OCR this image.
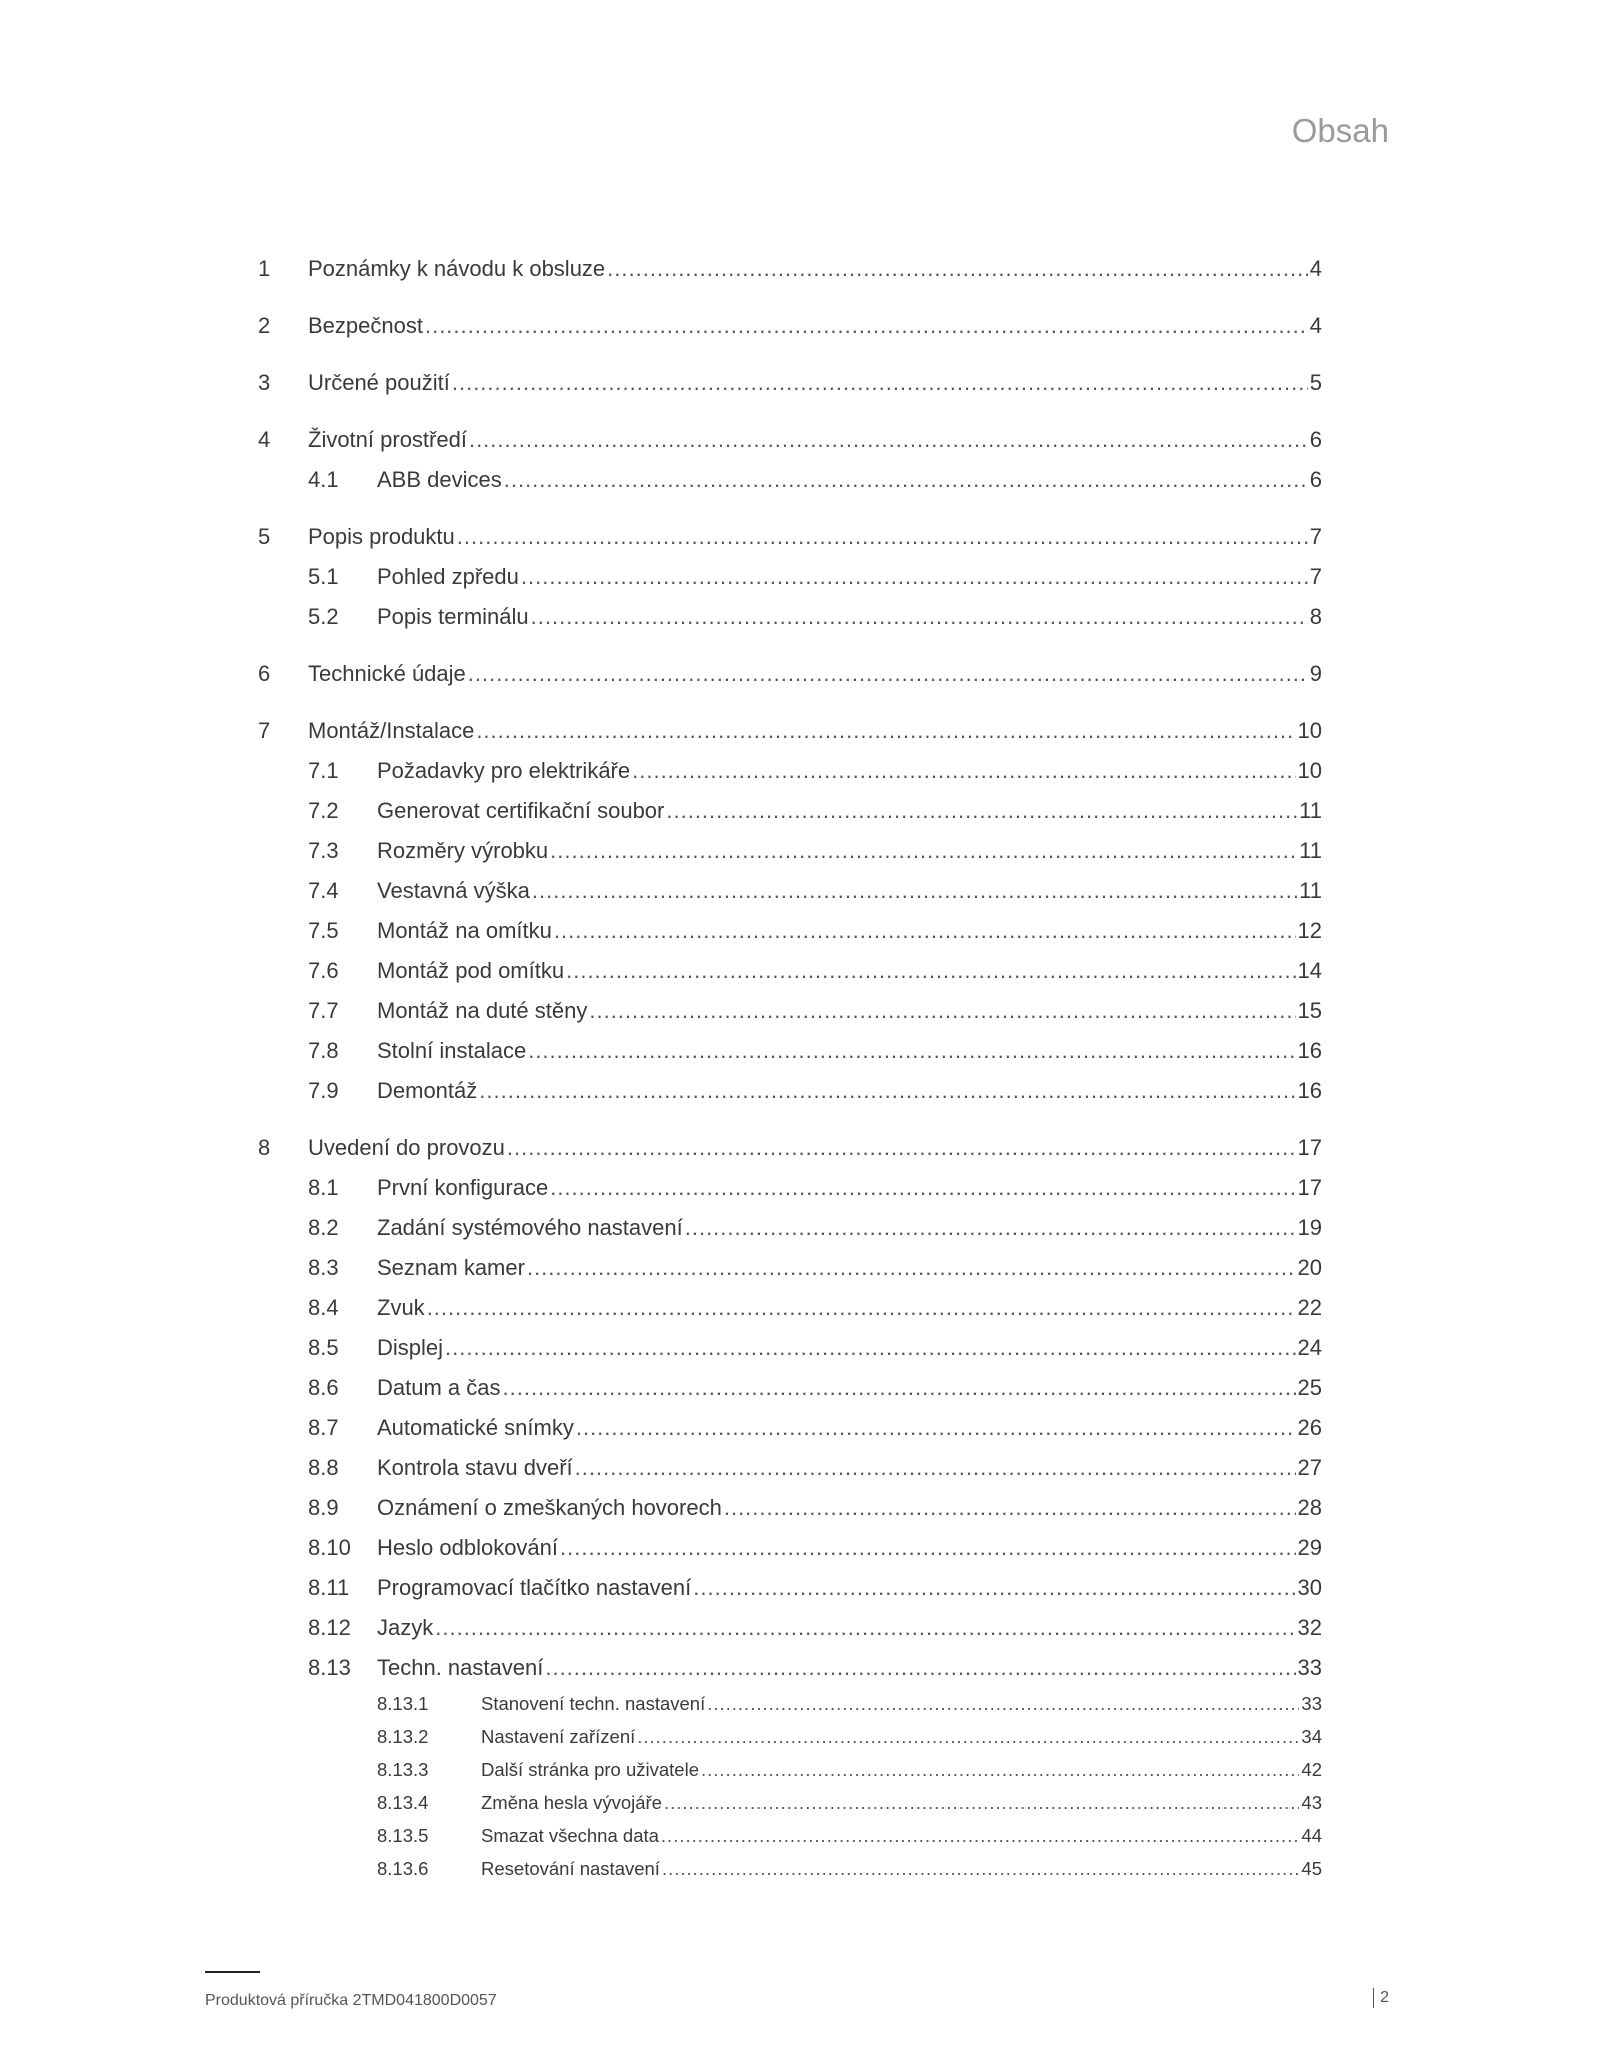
Obsah
1 Poznámky k návodu k obsluze .....	4
2 Bezpečnost .....	4
3 Určené použití .....	5
4 Životní prostředí .....	6
4.1 ABB devices .....	6
5 Popis produktu .....	7
5.1 Pohled zpředu .....	7
5.2 Popis terminálu .....	8
6 Technické údaje .....	9
7 Montáž/Instalace .....	10
7.1 Požadavky pro elektrikáře .....	10
7.2 Generovat certifikační soubor .....	11
7.3 Rozměry výrobku .....	11
7.4 Vestavná výška .....	11
7.5 Montáž na omítku .....	12
7.6 Montáž pod omítku .....	14
7.7 Montáž na duté stěny .....	15
7.8 Stolní instalace .....	16
7.9 Demontáž .....	16
8 Uvedení do provozu .....	17
8.1 První konfigurace .....	17
8.2 Zadání systémového nastavení .....	19
8.3 Seznam kamer .....	20
8.4 Zvuk .....	22
8.5 Displej .....	24
8.6 Datum a čas .....	25
8.7 Automatické snímky .....	26
8.8 Kontrola stavu dveří .....	27
8.9 Oznámení o zmeškaných hovorech .....	28
8.10 Heslo odblokování .....	29
8.11 Programovací tlačítko nastavení .....	30
8.12 Jazyk .....	32
8.13 Techn. nastavení .....	33
8.13.1	Stanovení techn. nastavení .....	33
8.13.2	Nastavení zařízení .....	34
8.13.3	Další stránka pro uživatele .....	42
8.13.4	Změna hesla vývojáře .....	43
8.13.5	Smazat všechna data .....	44
8.13.6	Resetování nastavení .....	45
Produktová příručka 2TMD041800D0057	2
